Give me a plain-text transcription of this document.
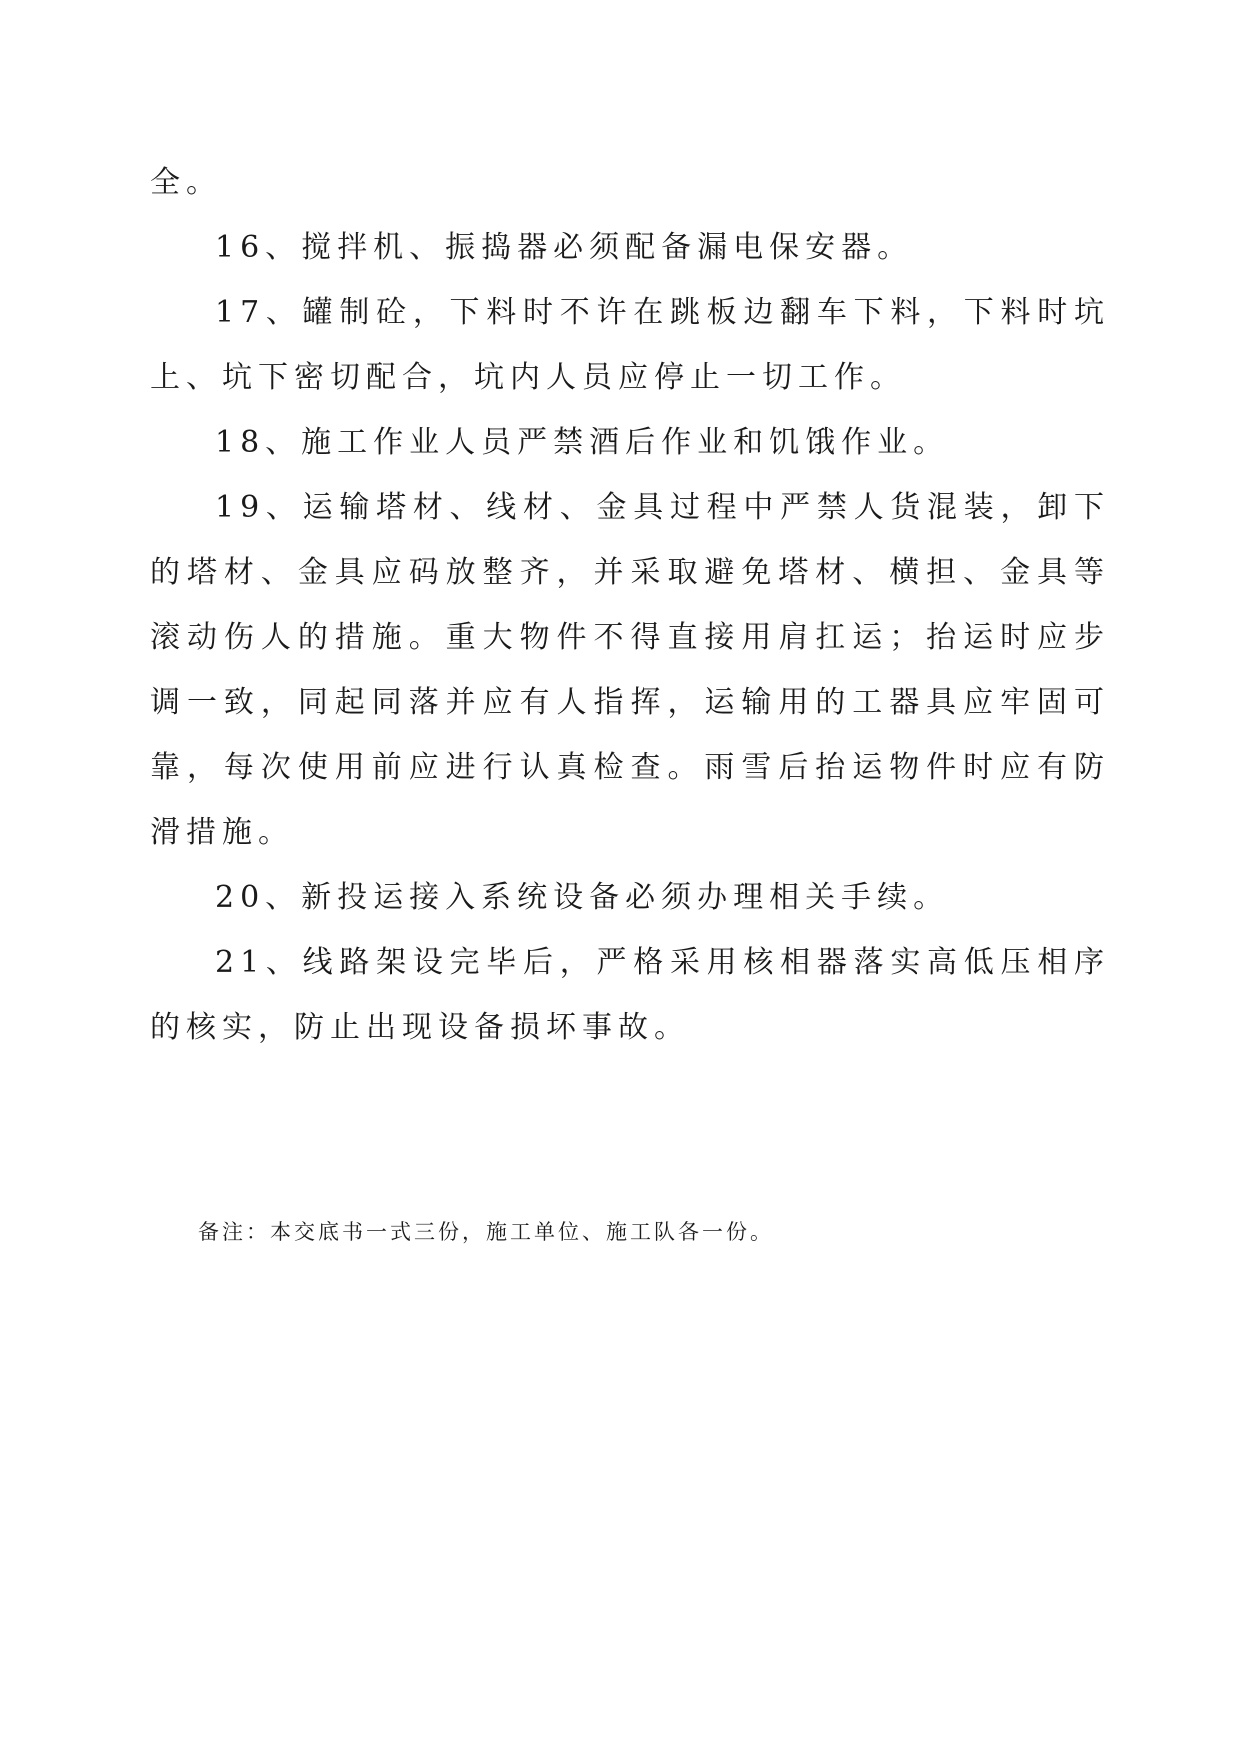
全。

16、搅拌机、振捣器必须配备漏电保安器。

17、罐制砼，下料时不许在跳板边翻车下料，下料时坑上、坑下密切配合，坑内人员应停止一切工作。

18、施工作业人员严禁酒后作业和饥饿作业。

19、运输塔材、线材、金具过程中严禁人货混装，卸下的塔材、金具应码放整齐，并采取避免塔材、横担、金具等滚动伤人的措施。重大物件不得直接用肩扛运；抬运时应步调一致，同起同落并应有人指挥，运输用的工器具应牢固可靠，每次使用前应进行认真检查。雨雪后抬运物件时应有防滑措施。

20、新投运接入系统设备必须办理相关手续。

21、线路架设完毕后，严格采用核相器落实高低压相序的核实，防止出现设备损坏事故。

备注：本交底书一式三份，施工单位、施工队各一份。
